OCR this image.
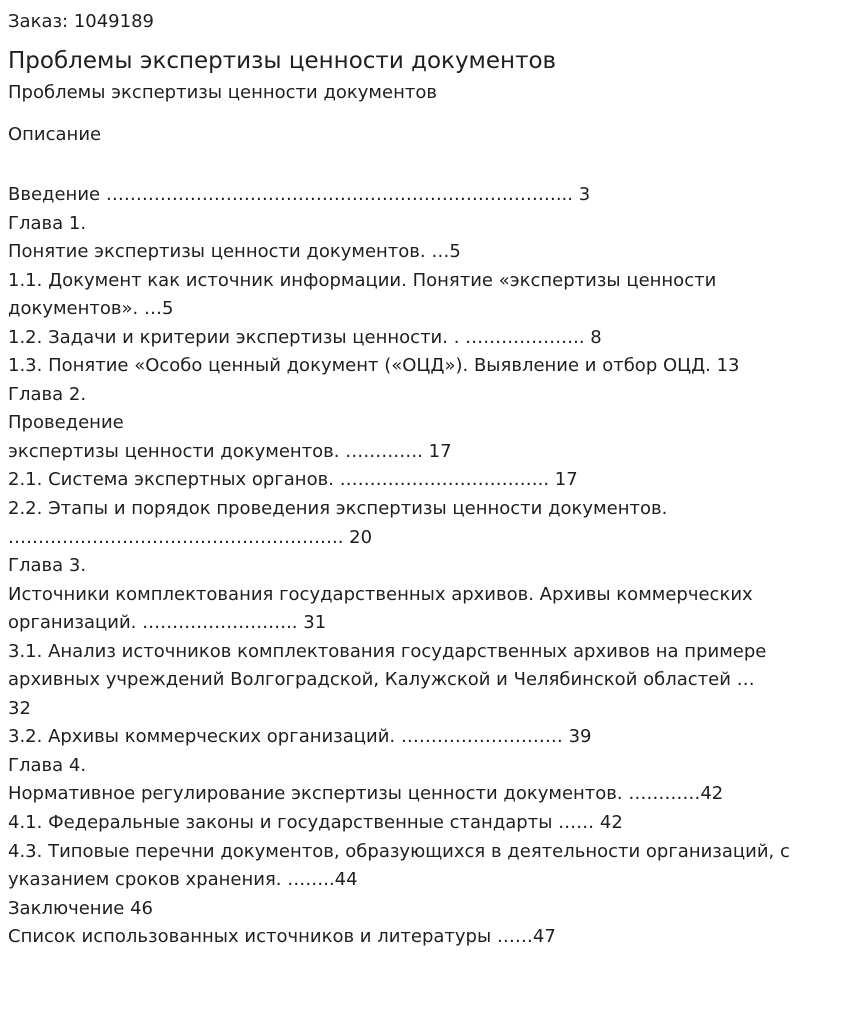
Заказ: 1049189
Проблемы экспертизы ценности документов
Проблемы экспертизы ценности документов
Описание
Введение …………………………………………………………………... 3
Глава 1.
Понятие экспертизы ценности документов. …5
1.1. Документ как источник информации. Понятие «экспертизы ценности
документов». …5
1.2. Задачи и критерии экспертизы ценности. . ……………….. 8
1.3. Понятие «Особо ценный документ («ОЦД»). Выявление и отбор ОЦД. 13
Глава 2.
Проведение
экспертизы ценности документов. …………. 17
2.1. Система экспертных органов. …………………………….. 17
2.2. Этапы и порядок проведения экспертизы ценности документов.
……………………………………………….. 20
Глава 3.
Источники комплектования государственных архивов. Архивы коммерческих
организаций. …………………….. 31
3.1. Анализ источников комплектования государственных архивов на примере
архивных учреждений Волгоградской, Калужской и Челябинской областей …
32
3.2. Архивы коммерческих организаций. ……………………… 39
Глава 4.
Нормативное регулирование экспертизы ценности документов. …………42
4.1. Федеральные законы и государственные стандарты …… 42
4.3. Типовые перечни документов, образующихся в деятельности организаций, с
указанием сроков хранения. ……..44
Заключение 46
Список использованных источников и литературы ……47
